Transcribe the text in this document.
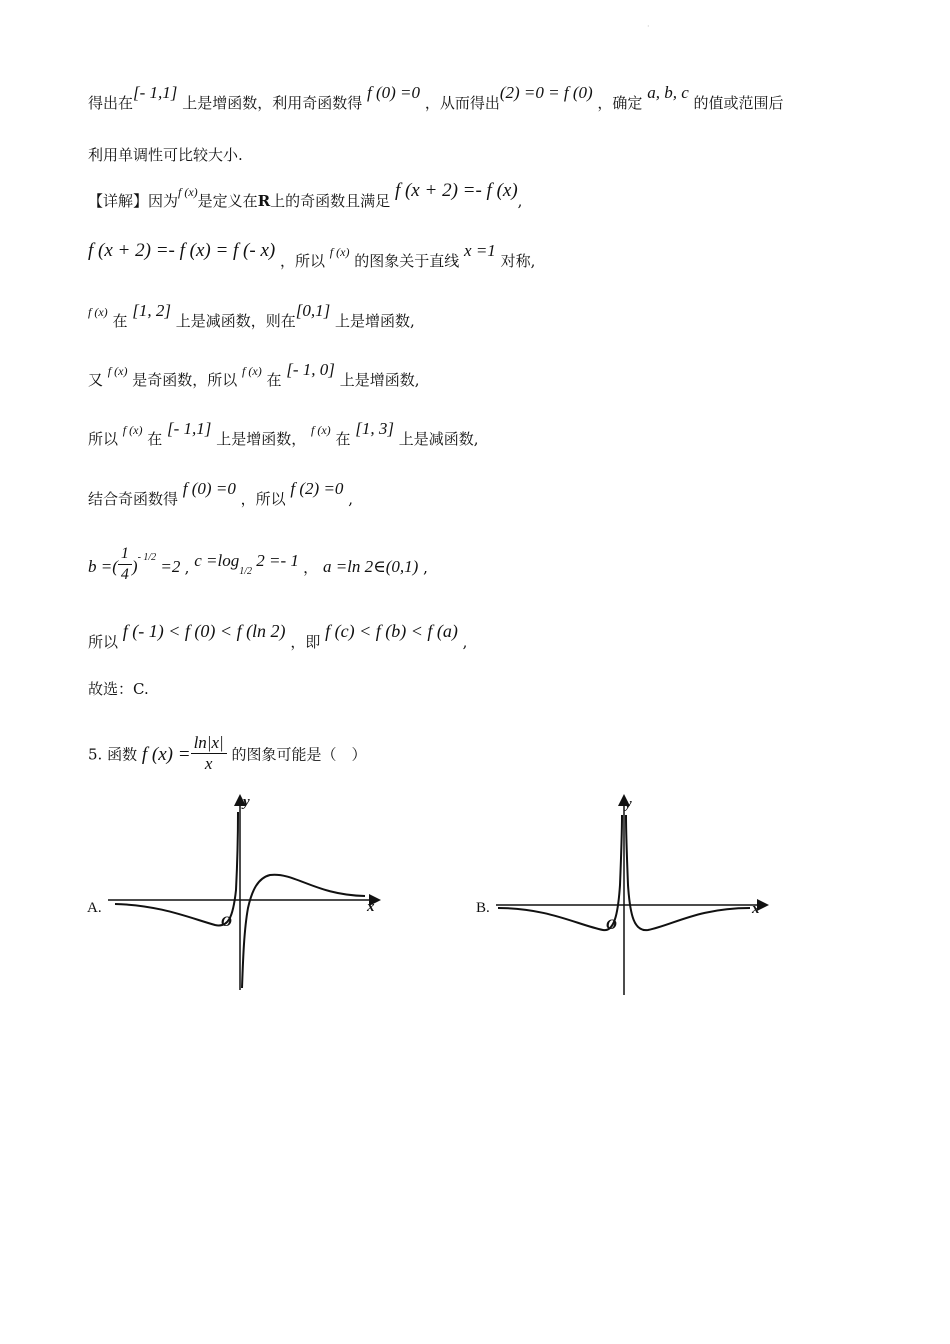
·
得出在[- 1,1] 上是增函数，利用奇函数得 f (0) =0 ，从而得出(2) =0 = f (0) ，确定 a, b, c 的值或范围后
利用单调性可比较大小.
【详解】因为$^{f (x)}$是定义在R上的奇函数且满足 f (x + 2) =- f (x),
f (x + 2) =- f (x) = f (- x) ，所以 $^{f (x)}$ 的图象关于直线 x =1 对称,
$^{f (x)}$ 在 [1, 2] 上是减函数，则在[0,1] 上是增函数,
又 $^{f (x)}$ 是奇函数，所以 $^{f (x)}$ 在 [- 1, 0] 上是增函数,
所以 $^{f (x)}$ 在 [- 1,1] 上是增函数， $^{f (x)}$ 在 [1, 3] 上是减函数,
结合奇函数得 f (0) =0 ，所以 f (2) =0 ,
b =( $\frac{1}{4} )^{- 1/2} =2$ , $c =\log_{1/2}$ 2 =- 1 ， a =ln 2∈(0,1) ,
所以 f (- 1) < f (0) < f (ln 2) ，即 f (c) < f (b) < f (a) ,
故选：C.
5. 函数 f $(x) = \frac{\ln|x|}{x}$ 的图象可能是（　）
A.	x
y
O
B.	x
y
O
